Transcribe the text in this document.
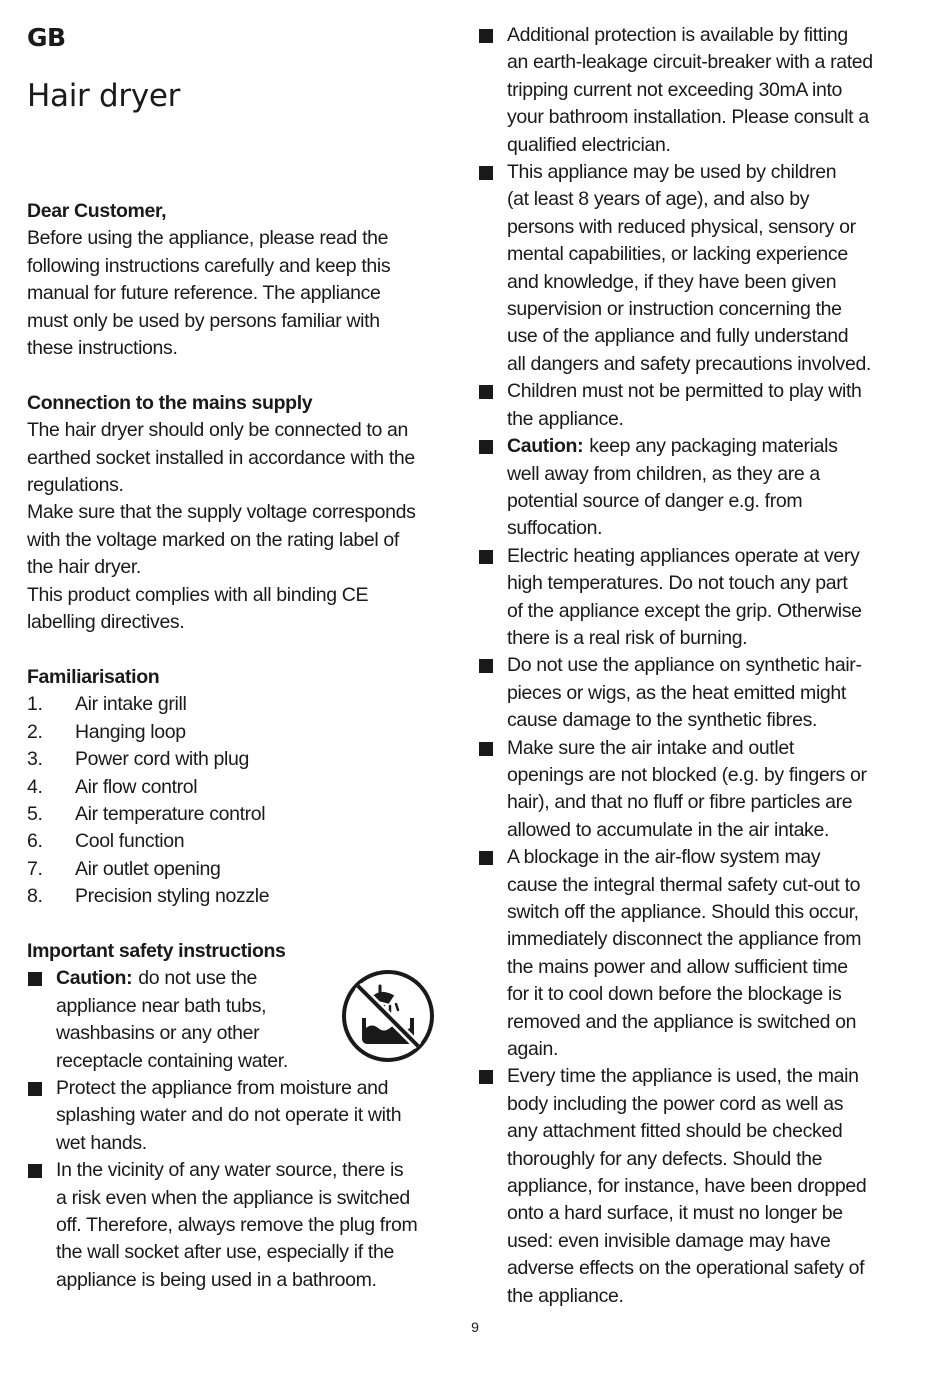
GB

Hair dryer

Dear Customer,

Before using the appliance, please read the

following instructions carefully and keep this

manual for future reference. The appliance

must only be used by persons familiar with

these instructions.

Connection to the mains supply

The hair dryer should only be connected to an

earthed socket installed in accordance with the

regulations.

Make sure that the supply voltage corresponds

with the voltage marked on the rating label of

the hair dryer.

This product complies with all binding CE

labelling directives.

Familiarisation

1.	Air intake grill
2.	Hanging loop
3.	Power cord with plug
4.	Air flow control
5.	Air temperature control
6.	Cool function
7.	Air outlet opening
8.	Precision styling nozzle

Important safety instructions

Caution: do not use the
appliance near bath tubs,
washbasins or any other
receptacle containing water.
Protect the appliance from moisture and
splashing water and do not operate it with
wet hands.
In the vicinity of any water source, there is
a risk even when the appliance is switched
off. Therefore, always remove the plug from
the wall socket after use, especially if the
appliance is being used in a bathroom.
Additional protection is available by fitting
an earth-leakage circuit-breaker with a rated
tripping current not exceeding 30mA into
your bathroom installation. Please consult a
qualified electrician.
This appliance may be used by children
(at least 8 years of age), and also by
persons with reduced physical, sensory or
mental capabilities, or lacking experience
and knowledge, if they have been given
supervision or instruction concerning the
use of the appliance and fully understand
all dangers and safety precautions involved.
Children must not be permitted to play with
the appliance.
Caution: keep any packaging materials
well away from children, as they are a
potential source of danger e.g. from
suffocation.
Electric heating appliances operate at very
high temperatures. Do not touch any part
of the appliance except the grip. Otherwise
there is a real risk of burning.
Do not use the appliance on synthetic hair-
pieces or wigs, as the heat emitted might
cause damage to the synthetic fibres.
Make sure the air intake and outlet
openings are not blocked (e.g. by fingers or
hair), and that no fluff or fibre particles are
allowed to accumulate in the air intake.
A blockage in the air-flow system may
cause the integral thermal safety cut-out to
switch off the appliance. Should this occur,
immediately disconnect the appliance from
the mains power and allow sufficient time
for it to cool down before the blockage is
removed and the appliance is switched on
again.
Every time the appliance is used, the main
body including the power cord as well as
any attachment fitted should be checked
thoroughly for any defects. Should the
appliance, for instance, have been dropped
onto a hard surface, it must no longer be
used: even invisible damage may have
adverse effects on the operational safety of
the appliance.
9
